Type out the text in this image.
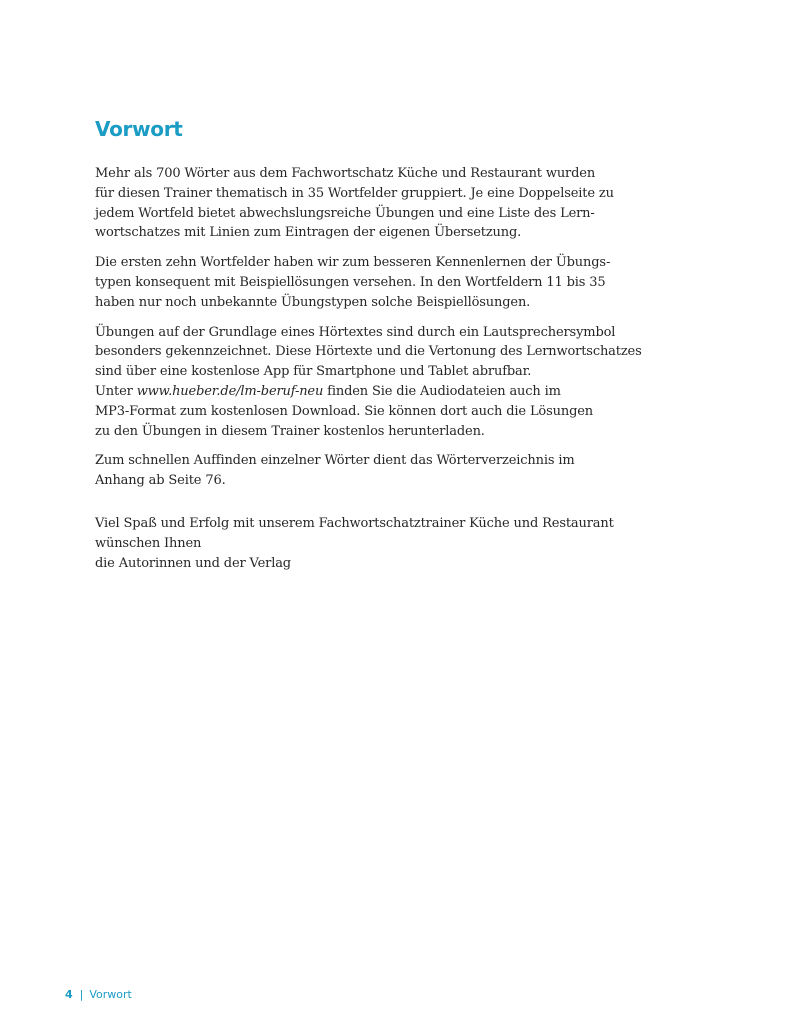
Vorwort

Mehr als 700 Wörter aus dem Fachwortschatz Küche und Restaurant wurden
für diesen Trainer thematisch in 35 Wortfelder gruppiert. Je eine Doppelseite zu
jedem Wortfeld bietet abwechslungsreiche Übungen und eine Liste des Lern-
wortschatzes mit Linien zum Eintragen der eigenen Übersetzung.

Die ersten zehn Wortfelder haben wir zum besseren Kennenlernen der Übungs-
typen konsequent mit Beispiellösungen versehen. In den Wortfeldern 11 bis 35
haben nur noch unbekannte Übungstypen solche Beispiellösungen.

Übungen auf der Grundlage eines Hörtextes sind durch ein Lautsprechersymbol
besonders gekennzeichnet. Diese Hörtexte und die Vertonung des Lernwortschatzes
sind über eine kostenlose App für Smartphone und Tablet abrufbar.
Unter www.hueber.de/lm-beruf-neu finden Sie die Audiodateien auch im
MP3-Format zum kostenlosen Download. Sie können dort auch die Lösungen
zu den Übungen in diesem Trainer kostenlos herunterladen.

Zum schnellen Auffinden einzelner Wörter dient das Wörterverzeichnis im
Anhang ab Seite 76.

Viel Spaß und Erfolg mit unserem Fachwortschatztrainer Küche und Restaurant
wünschen Ihnen
die Autorinnen und der Verlag

4 | Vorwort
